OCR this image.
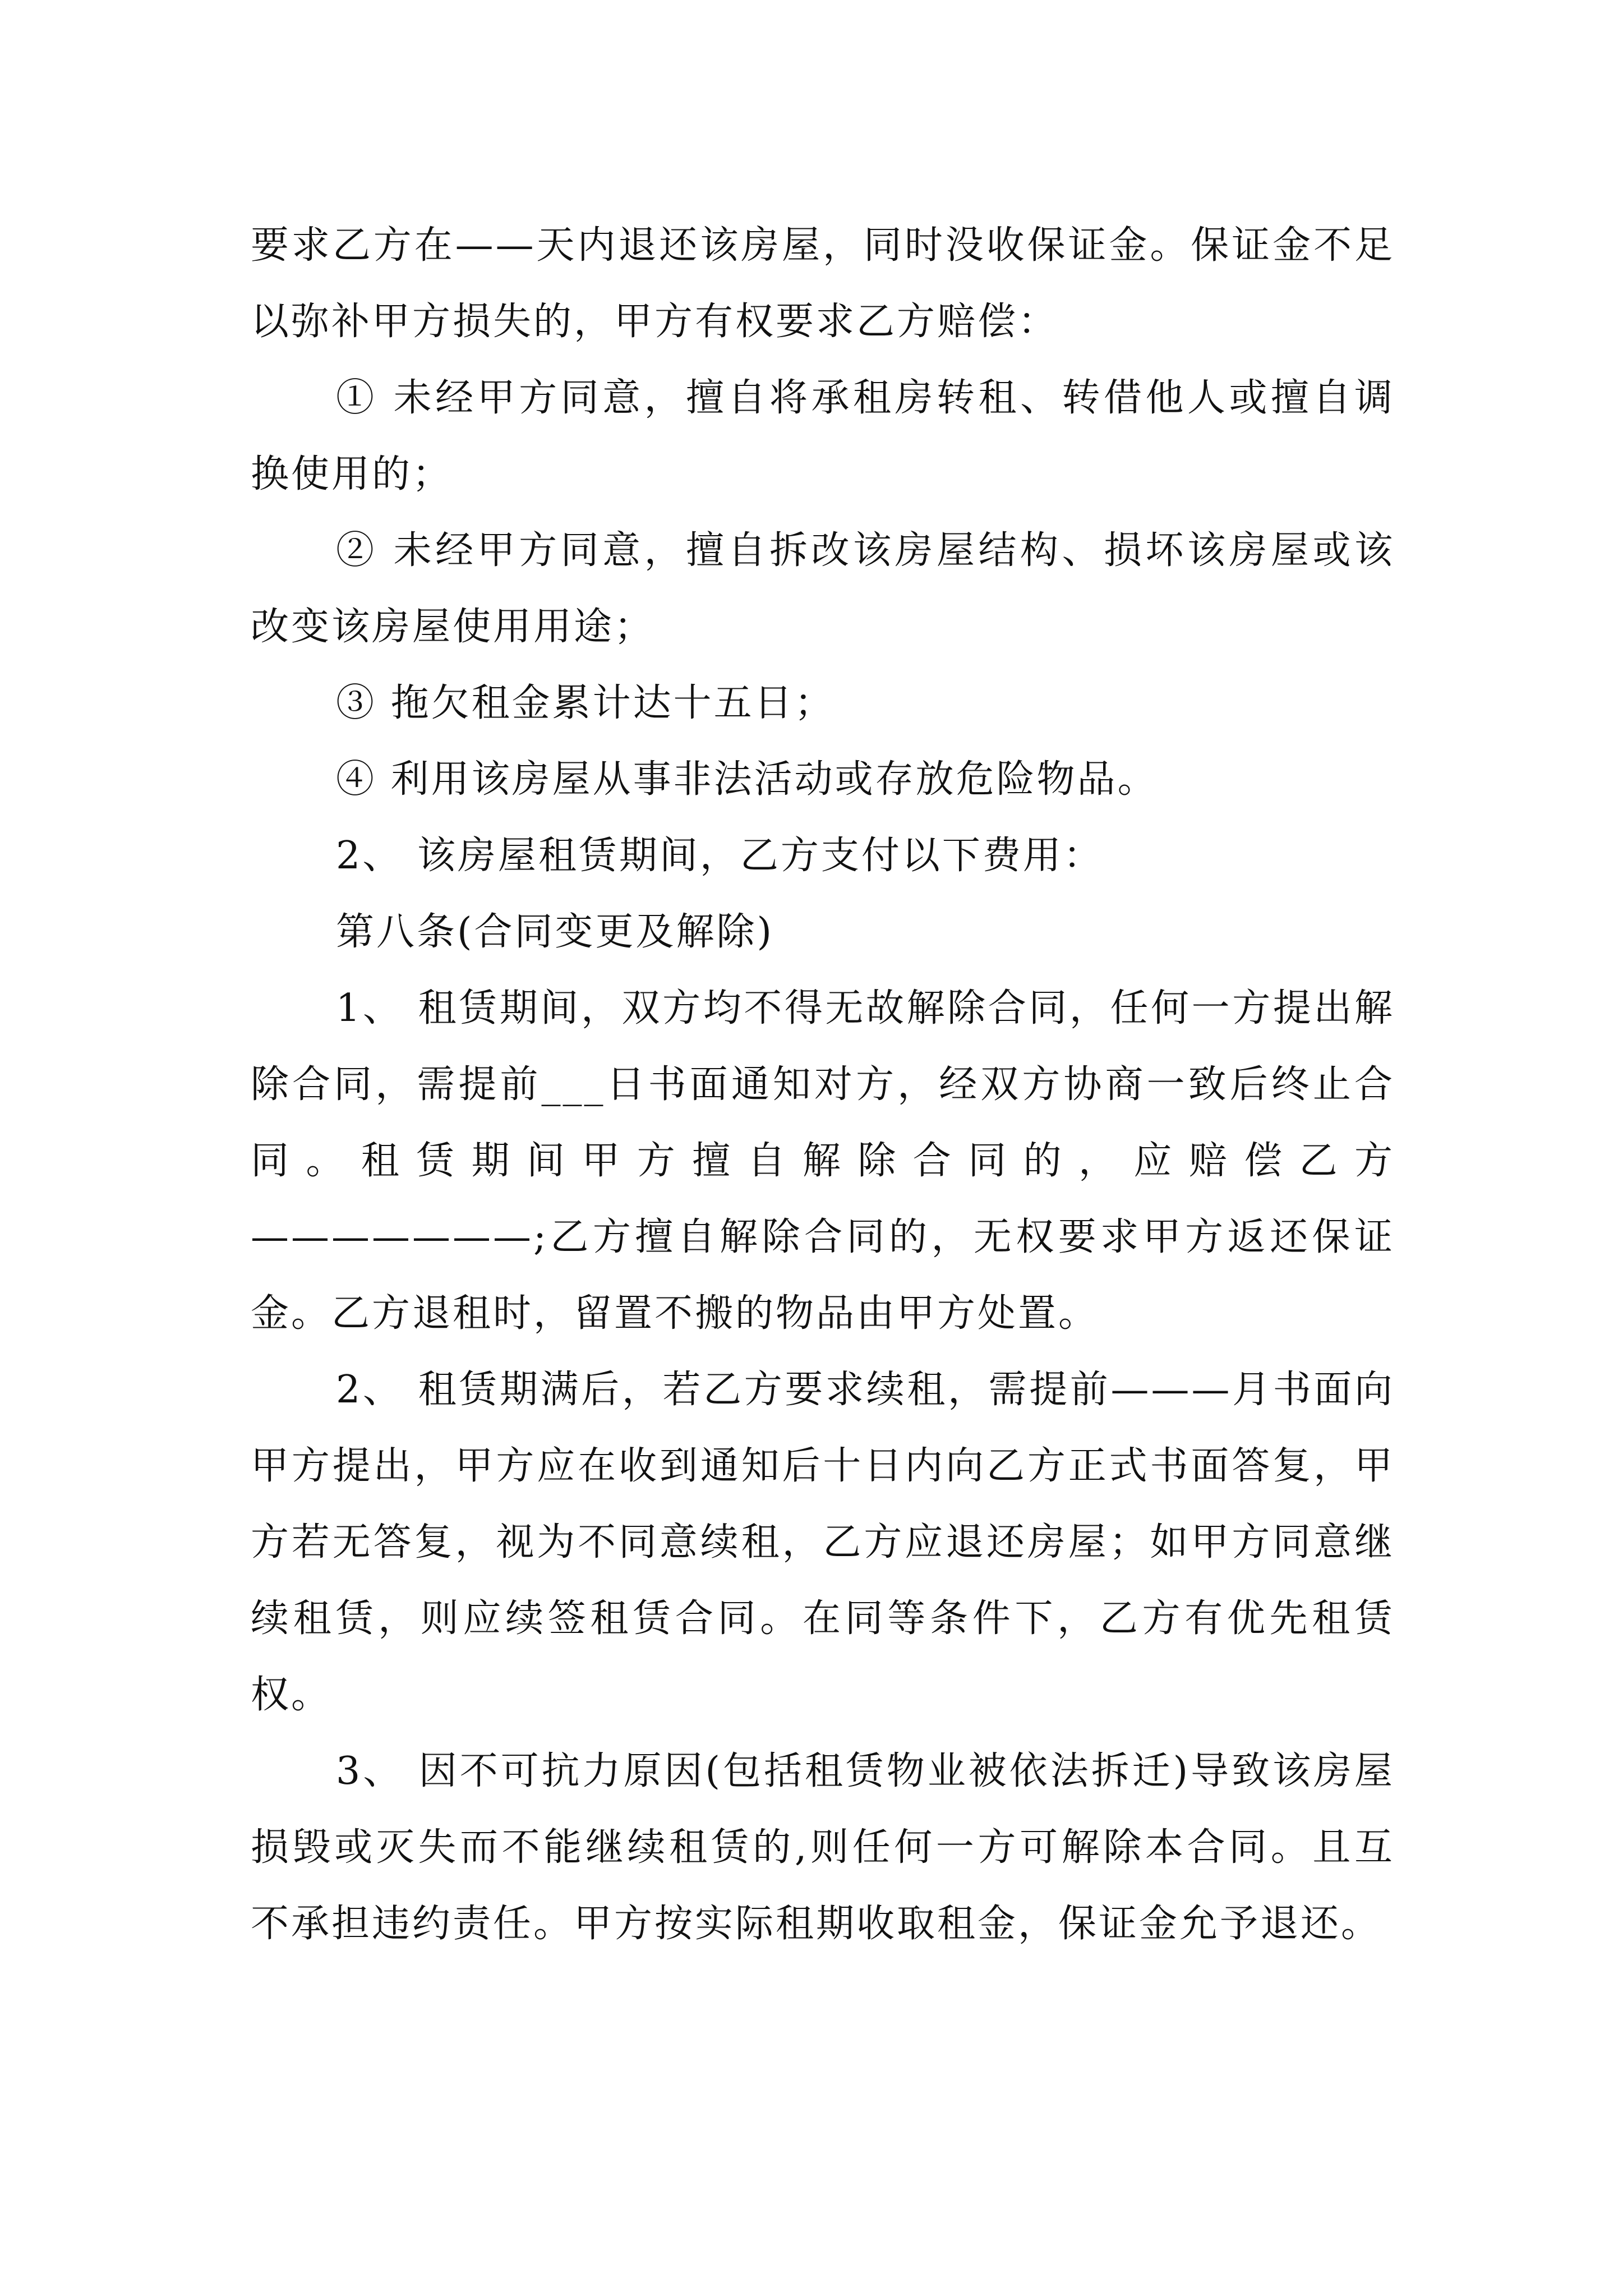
要求乙方在——天内退还该房屋，同时没收保证金。保证金不足以弥补甲方损失的，甲方有权要求乙方赔偿：

① 未经甲方同意，擅自将承租房转租、转借他人或擅自调换使用的；

② 未经甲方同意，擅自拆改该房屋结构、损坏该房屋或该改变该房屋使用用途；

③ 拖欠租金累计达十五日；

④ 利用该房屋从事非法活动或存放危险物品。

2、 该房屋租赁期间，乙方支付以下费用：

第八条(合同变更及解除)

1、 租赁期间，双方均不得无故解除合同，任何一方提出解除合同，需提前___日书面通知对方，经双方协商一致后终止合同。租赁期间甲方擅自解除合同的，应赔偿乙方———————;乙方擅自解除合同的，无权要求甲方返还保证金。乙方退租时，留置不搬的物品由甲方处置。

2、 租赁期满后，若乙方要求续租，需提前———月书面向甲方提出，甲方应在收到通知后十日内向乙方正式书面答复，甲方若无答复，视为不同意续租，乙方应退还房屋；如甲方同意继续租赁，则应续签租赁合同。在同等条件下，乙方有优先租赁权。

3、 因不可抗力原因(包括租赁物业被依法拆迁)导致该房屋损毁或灭失而不能继续租赁的,则任何一方可解除本合同。且互不承担违约责任。甲方按实际租期收取租金，保证金允予退还。
